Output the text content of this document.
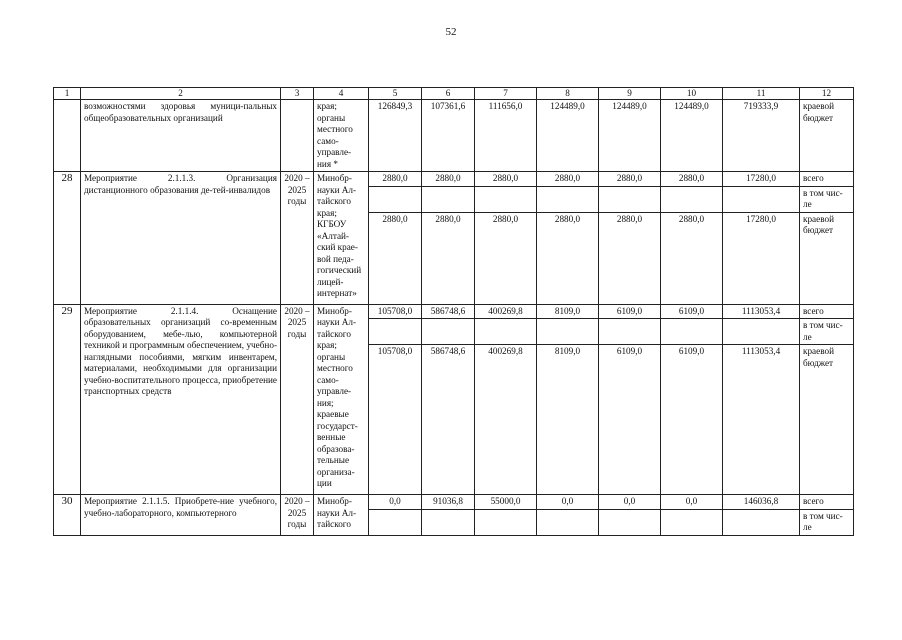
52
1	2	3	4	5	6	7	8	9	10	11	12
	возможностями здоровья муници-пальных общеобразовательных организаций		края; органы местного само-управле-ния *	126849,3	107361,6	111656,0	124489,0	124489,0	124489,0	719333,9	краевой бюджет
28	Мероприятие 2.1.1.3. Организация дистанционного образования де-тей-инвалидов	2020 – 2025 годы	Минобр-науки Ал-тайского края; КГБОУ «Алтай-ский крае-вой педа-гогический лицей-интернат»	2880,0	2880,0	2880,0	2880,0	2880,0	2880,0	17280,0	всего
											в том чис-ле
				2880,0	2880,0	2880,0	2880,0	2880,0	2880,0	17280,0	краевой бюджет
29	Мероприятие 2.1.1.4. Оснащение образовательных организаций со-временным оборудованием, мебе-лью, компьютерной техникой и программным обеспечением, учебно-наглядными пособиями, мягким инвентарем, материалами, необходимыми для организации учебно-воспитательного процесса, приобретение транспортных средств	2020 – 2025 годы	Минобр-науки Ал-тайского края; органы местного само-управле-ния; краевые государст-венные образова-тельные организа-ции	105708,0	586748,6	400269,8	8109,0	6109,0	6109,0	1113053,4	всего
											в том чис-ле
				105708,0	586748,6	400269,8	8109,0	6109,0	6109,0	1113053,4	краевой бюджет
30	Мероприятие 2.1.1.5. Приобрете-ние учебного, учебно-лабораторного, компьютерного	2020 – 2025 годы	Минобр-науки Ал-тайского	0,0	91036,8	55000,0	0,0	0,0	0,0	146036,8	всего
											в том чис-ле
